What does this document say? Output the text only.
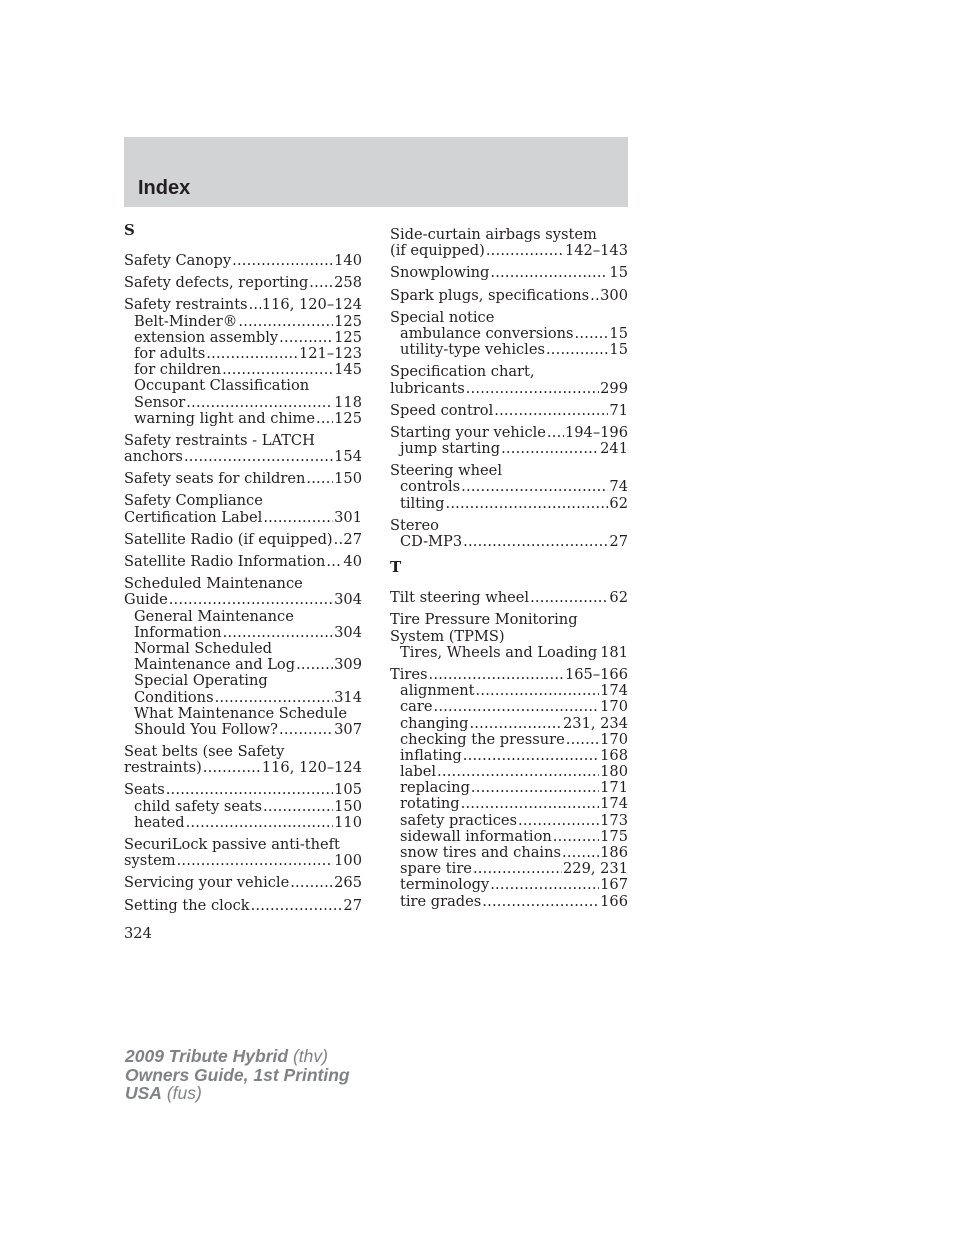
Index
S
Safety Canopy .....	140
Safety defects, reporting ..... 258
Safety restraints ..... 116, 120–124
Belt-Minder® .....	125
extension assembly .....	125
for adults .....	121–123
for children .....	145
Occupant Classification
Sensor .....	118
warning light and chime ..... 125
Safety restraints - LATCH
anchors .....	154
Safety seats for children ..... 150
Safety Compliance
Certification Label .....	301
Satellite Radio (if equipped) ..... 27
Satellite Radio Information ..... 40
Scheduled Maintenance
Guide .....	304
General Maintenance
Information .....	304
Normal Scheduled
Maintenance and Log .....	309
Special Operating
Conditions .....	314
What Maintenance Schedule
Should You Follow? .....	307
Seat belts (see Safety
restraints) .....	116, 120–124
Seats .....	105
child safety seats .....	150
heated .....	110
SecuriLock passive anti-theft
system .....	100
Servicing your vehicle .....	265
Setting the clock .....	27
Side-curtain airbags system
(if equipped) .....	142–143
Snowplowing .....	15
Spark plugs, specifications ..... 300
Special notice
ambulance conversions ..... 15
utility-type vehicles .....	15
Specification chart,
lubricants .....	299
Speed control .....	71
Starting your vehicle ..... 194–196
jump starting .....	241
Steering wheel
controls .....	74
tilting .....	62
Stereo
CD-MP3 .....	27
T
Tilt steering wheel .....	62
Tire Pressure Monitoring
System (TPMS)
Tires, Wheels and Loading ..... 181
Tires .....	165–166
alignment .....	174
care .....	170
changing .....	231, 234
checking the pressure ..... 170
inflating .....	168
label .....	180
replacing .....	171
rotating .....	174
safety practices .....	173
sidewall information .....	175
snow tires and chains .....	186
spare tire .....	229, 231
terminology .....	167
tire grades .....	166
324
2009 Tribute Hybrid (thv)
Owners Guide, 1st Printing
USA (fus)
